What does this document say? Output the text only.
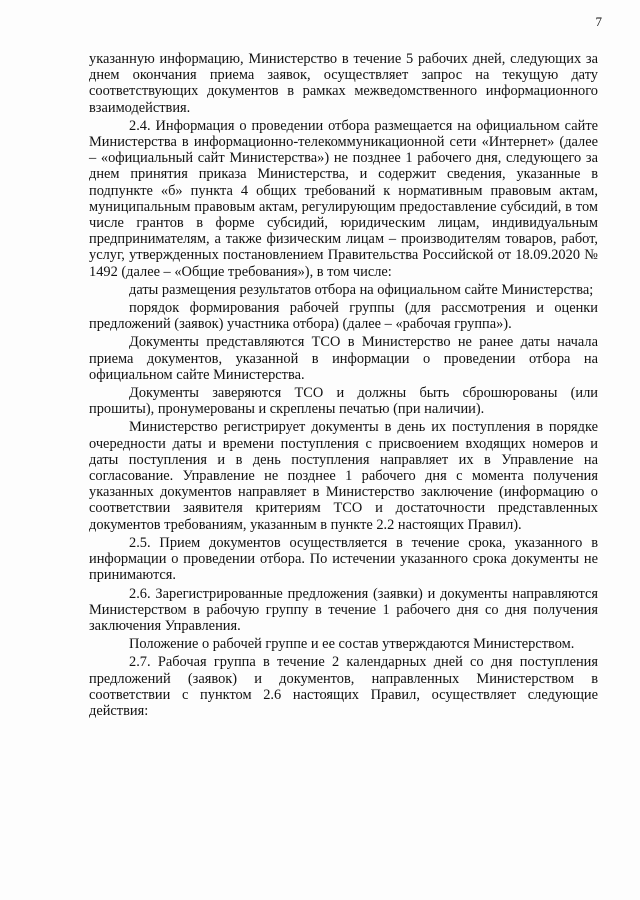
7

указанную информацию, Министерство в течение 5 рабочих дней, следующих за днем окончания приема заявок, осуществляет запрос на текущую дату соответствующих документов в рамках межведомственного информационного взаимодействия.

2.4. Информация о проведении отбора размещается на официальном сайте Министерства в информационно-телекоммуникационной сети «Интернет» (далее – «официальный сайт Министерства») не позднее 1 рабочего дня, следующего за днем принятия приказа Министерства, и содержит сведения, указанные в подпункте «б» пункта 4 общих требований к нормативным правовым актам, муниципальным правовым актам, регулирующим предоставление субсидий, в том числе грантов в форме субсидий, юридическим лицам, индивидуальным предпринимателям, а также физическим лицам – производителям товаров, работ, услуг, утвержденных постановлением Правительства Российской от 18.09.2020 № 1492 (далее – «Общие требования»), в том числе:

даты размещения результатов отбора на официальном сайте Министерства;

порядок формирования рабочей группы (для рассмотрения и оценки предложений (заявок) участника отбора) (далее – «рабочая группа»).

Документы представляются ТСО в Министерство не ранее даты начала приема документов, указанной в информации о проведении отбора на официальном сайте Министерства.

Документы заверяются ТСО и должны быть сброшюрованы (или прошиты), пронумерованы и скреплены печатью (при наличии).

Министерство регистрирует документы в день их поступления в порядке очередности даты и времени поступления с присвоением входящих номеров и даты поступления и в день поступления направляет их в Управление на согласование. Управление не позднее 1 рабочего дня с момента получения указанных документов направляет в Министерство заключение (информацию о соответствии заявителя критериям ТСО и достаточности представленных документов требованиям, указанным в пункте 2.2 настоящих Правил).

2.5. Прием документов осуществляется в течение срока, указанного в информации о проведении отбора. По истечении указанного срока документы не принимаются.

2.6. Зарегистрированные предложения (заявки) и документы направляются Министерством в рабочую группу в течение 1 рабочего дня со дня получения заключения Управления.

Положение о рабочей группе и ее состав утверждаются Министерством.

2.7. Рабочая группа в течение 2 календарных дней со дня поступления предложений (заявок) и документов, направленных Министерством в соответствии с пунктом 2.6 настоящих Правил, осуществляет следующие действия:
